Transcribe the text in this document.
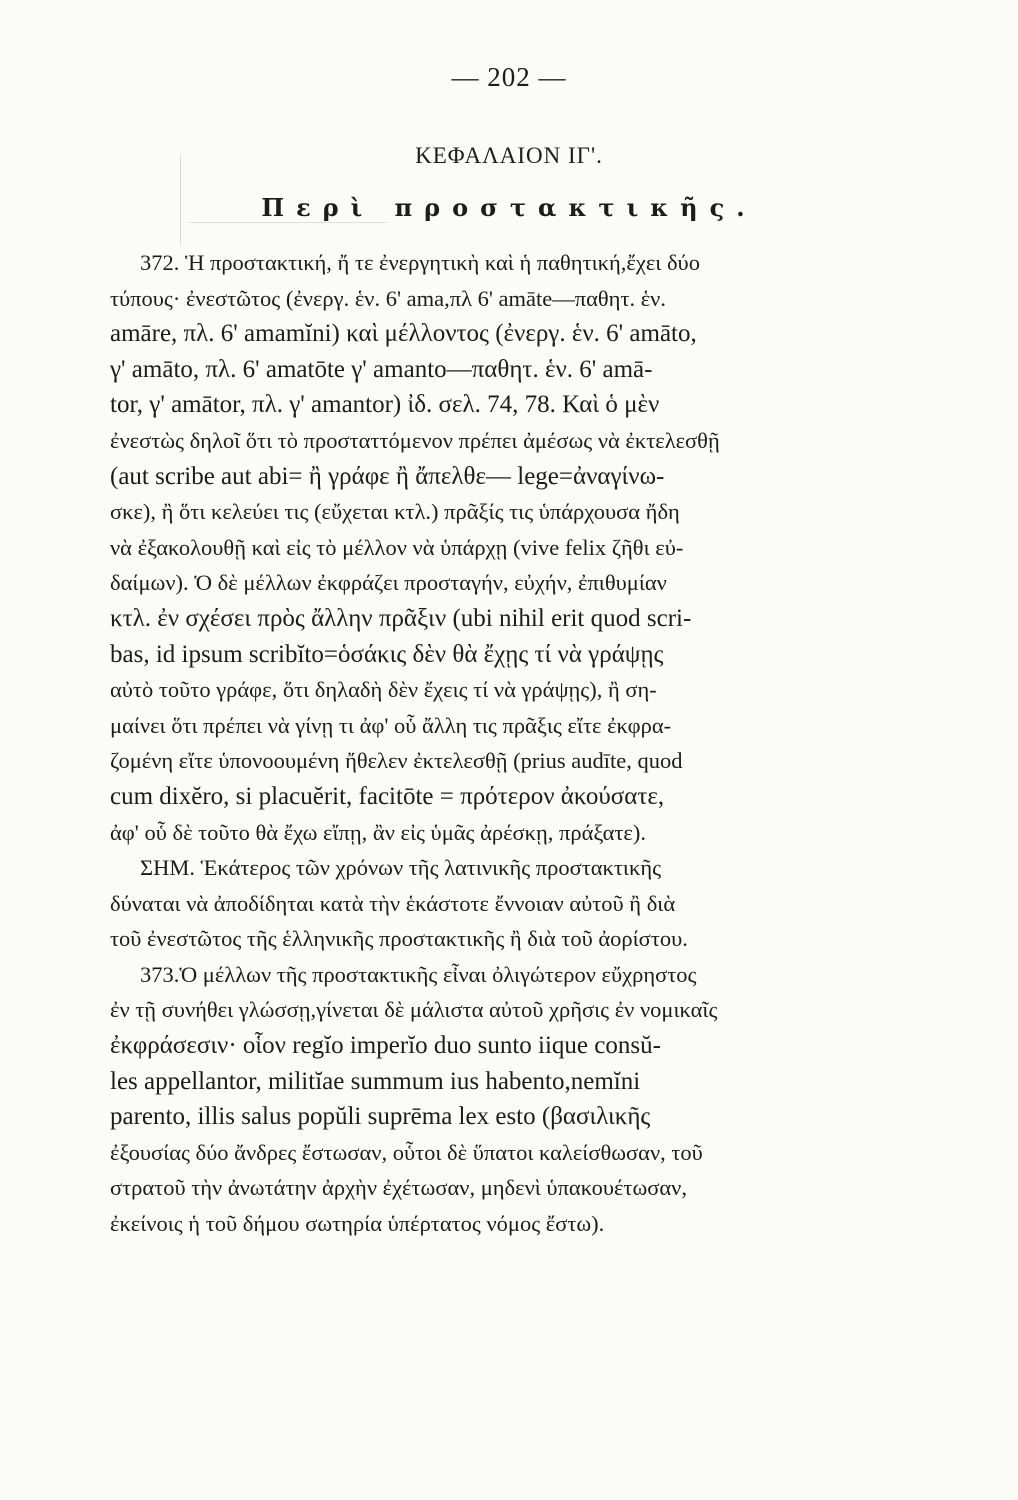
— 202 —
ΚΕΦΑΛΑΙΟΝ ΙΓ'.
Περὶ προστακτικῆς.
372. Ἡ προστακτική, ἤ τε ἐνεργητικὴ καὶ ἡ παθητική,ἔχει δύο
τύπους· ἐνεστῶτος (ἐνεργ. ἑν. 6' ama,πλ 6' amāte—παθητ. ἑν.
amāre, πλ. 6' amamĭni) καὶ μέλλοντος (ἐνεργ. ἑν. 6' amāto,
γ' amāto, πλ. 6' amatōte γ' amanto—παθητ. ἑν. 6' amā-
tor, γ' amātor, πλ. γ' amantor) ἰδ. σελ. 74, 78. Καὶ ὁ μὲν
ἐνεστὼς δηλοῖ ὅτι τὸ προσταττόμενον πρέπει ἀμέσως νὰ ἐκτελεσθῇ
(aut scribe aut abi= ἢ γράφε ἢ ἄπελθε— lege=ἀναγίνω-
σκε), ἢ ὅτι κελεύει τις (εὔχεται κτλ.) πρᾶξίς τις ὑπάρχουσα ἤδη
νὰ ἐξακολουθῇ καὶ εἰς τὸ μέλλον νὰ ὑπάρχῃ (vive felix ζῆθι εὐ-
δαίμων). Ὁ δὲ μέλλων ἐκφράζει προσταγήν, εὐχήν, ἐπιθυμίαν
κτλ. ἐν σχέσει πρὸς ἄλλην πρᾶξιν (ubi nihil erit quod scri-
bas, id ipsum scribĭto=ὁσάκις δὲν θὰ ἔχῃς τί νὰ γράψῃς
αὐτὸ τοῦτο γράφε, ὅτι δηλαδὴ δὲν ἔχεις τί νὰ γράψῃς), ἢ ση-
μαίνει ὅτι πρέπει νὰ γίνῃ τι ἀφ' οὗ ἄλλη τις πρᾶξις εἴτε ἐκφρα-
ζομένη εἴτε ὑπονοουμένη ἤθελεν ἐκτελεσθῇ (prius audīte, quod
cum dixĕro, si placuĕrit, facitōte = πρότερον ἀκούσατε,
ἀφ' οὗ δὲ τοῦτο θὰ ἔχω εἴπῃ, ἂν εἰς ὑμᾶς ἀρέσκῃ, πράξατε).
ΣΗΜ. Ἑκάτερος τῶν χρόνων τῆς λατινικῆς προστακτικῆς
δύναται νὰ ἀποδίδηται κατὰ τὴν ἑκάστοτε ἔννοιαν αὐτοῦ ἢ διὰ
τοῦ ἐνεστῶτος τῆς ἑλληνικῆς προστακτικῆς ἢ διὰ τοῦ ἀορίστου.
373.Ὁ μέλλων τῆς προστακτικῆς εἶναι ὀλιγώτερον εὔχρηστος
ἐν τῇ συνήθει γλώσσῃ,γίνεται δὲ μάλιστα αὐτοῦ χρῆσις ἐν νομικαῖς
ἐκφράσεσιν· οἷον regĭo imperĭo duo sunto iique consŭ-
les appellantor, militĭae summum ius habento,nemĭni
parento, illis salus popŭli suprēma lex esto (βασιλικῆς
ἐξουσίας δύο ἄνδρες ἔστωσαν, οὗτοι δὲ ὕπατοι καλείσθωσαν, τοῦ
στρατοῦ τὴν ἀνωτάτην ἀρχὴν ἐχέτωσαν, μηδενὶ ὑπακουέτωσαν,
ἐκείνοις ἡ τοῦ δήμου σωτηρία ὑπέρτατος νόμος ἔστω).
